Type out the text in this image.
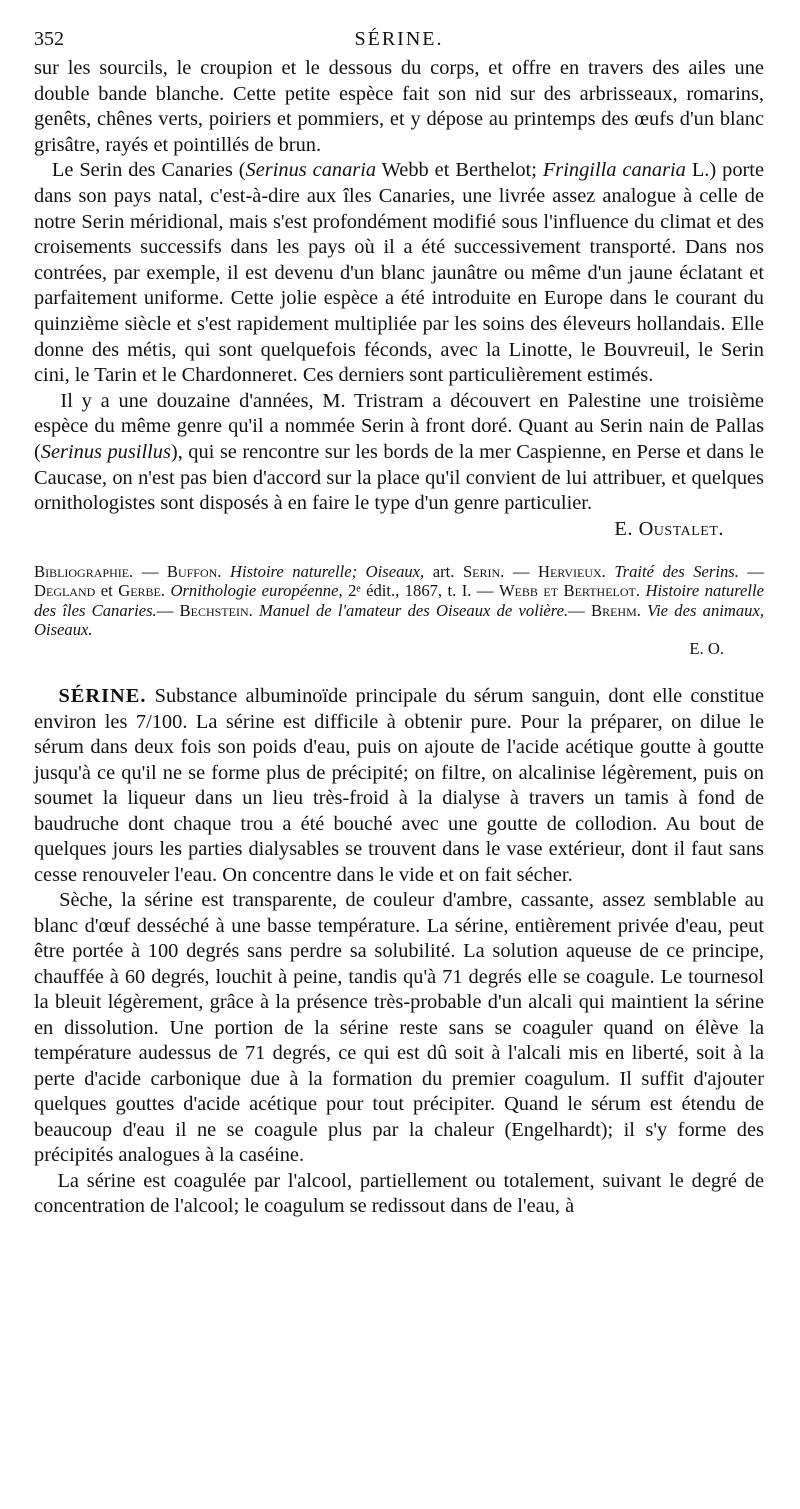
352	SÉRINE.

sur les sourcils, le croupion et le dessous du corps, et offre en travers des ailes une double bande blanche. Cette petite espèce fait son nid sur des arbrisseaux, romarins, genêts, chênes verts, poiriers et pommiers, et y dépose au printemps des œufs d'un blanc grisâtre, rayés et pointillés de brun.

Le Serin des Canaries (Serinus canaria Webb et Berthelot; Fringilla canaria L.) porte dans son pays natal, c'est-à-dire aux îles Canaries, une livrée assez analogue à celle de notre Serin méridional, mais s'est profondément modifié sous l'influence du climat et des croisements successifs dans les pays où il a été successivement transporté. Dans nos contrées, par exemple, il est devenu d'un blanc jaunâtre ou même d'un jaune éclatant et parfaitement uniforme. Cette jolie espèce a été introduite en Europe dans le courant du quinzième siècle et s'est rapidement multipliée par les soins des éleveurs hollandais. Elle donne des métis, qui sont quelquefois féconds, avec la Linotte, le Bouvreuil, le Serin cini, le Tarin et le Chardonneret. Ces derniers sont particulièrement estimés.

Il y a une douzaine d'années, M. Tristram a découvert en Palestine une troisième espèce du même genre qu'il a nommée Serin à front doré. Quant au Serin nain de Pallas (Serinus pusillus), qui se rencontre sur les bords de la mer Caspienne, en Perse et dans le Caucase, on n'est pas bien d'accord sur la place qu'il convient de lui attribuer, et quelques ornithologistes sont disposés à en faire le type d'un genre particulier.

E. Oustalet.

Bibliographie. — Buffon. Histoire naturelle; Oiseaux, art. Serin. — Hervieux. Traité des Serins. — Degland et Gerbe. Ornithologie européenne, 2ᵉ édit., 1867, t. I. — Webb et Berthelot. Histoire naturelle des îles Canaries.— Bechstein. Manuel de l'amateur des Oiseaux de volière.— Brehm. Vie des animaux, Oiseaux.
E. O.

SÉRINE. Substance albuminoïde principale du sérum sanguin, dont elle constitue environ les 7/100. La sérine est difficile à obtenir pure. Pour la préparer, on dilue le sérum dans deux fois son poids d'eau, puis on ajoute de l'acide acétique goutte à goutte jusqu'à ce qu'il ne se forme plus de précipité; on filtre, on alcalinise légèrement, puis on soumet la liqueur dans un lieu très-froid à la dialyse à travers un tamis à fond de baudruche dont chaque trou a été bouché avec une goutte de collodion. Au bout de quelques jours les parties dialysables se trouvent dans le vase extérieur, dont il faut sans cesse renouveler l'eau. On concentre dans le vide et on fait sécher.

Sèche, la sérine est transparente, de couleur d'ambre, cassante, assez semblable au blanc d'œuf desséché à une basse température. La sérine, entièrement privée d'eau, peut être portée à 100 degrés sans perdre sa solubilité. La solution aqueuse de ce principe, chauffée à 60 degrés, louchit à peine, tandis qu'à 71 degrés elle se coagule. Le tournesol la bleuit légèrement, grâce à la présence très-probable d'un alcali qui maintient la sérine en dissolution. Une portion de la sérine reste sans se coaguler quand on élève la température audessus de 71 degrés, ce qui est dû soit à l'alcali mis en liberté, soit à la perte d'acide carbonique due à la formation du premier coagulum. Il suffit d'ajouter quelques gouttes d'acide acétique pour tout précipiter. Quand le sérum est étendu de beaucoup d'eau il ne se coagule plus par la chaleur (Engelhardt); il s'y forme des précipités analogues à la caséine.

La sérine est coagulée par l'alcool, partiellement ou totalement, suivant le degré de concentration de l'alcool; le coagulum se redissout dans de l'eau, à
